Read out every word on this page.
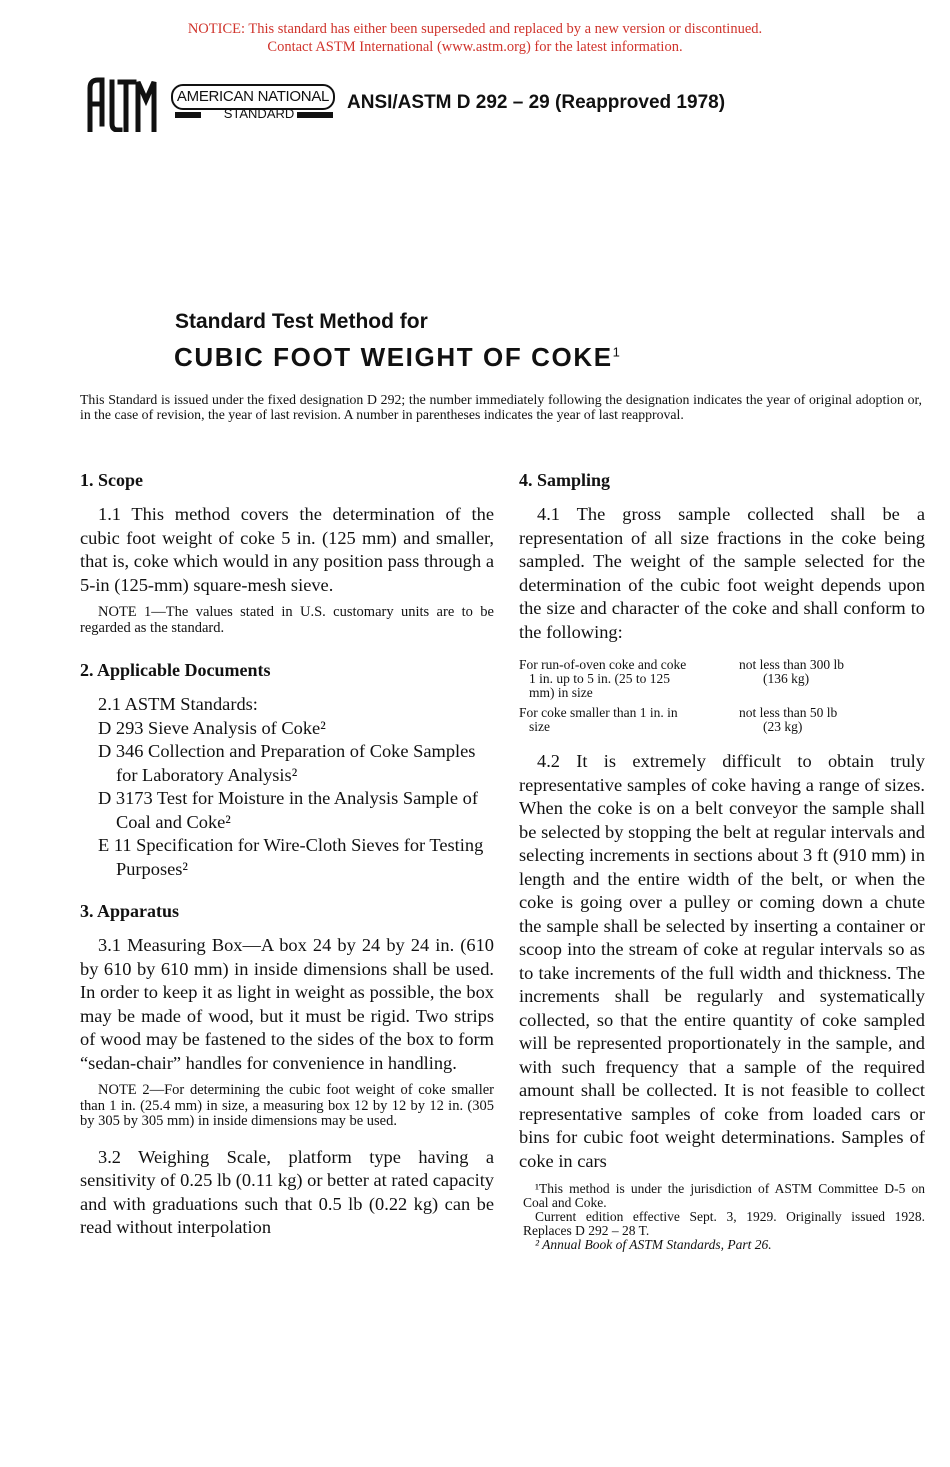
NOTICE: This standard has either been superseded and replaced by a new version or discontinued.
Contact ASTM International (www.astm.org) for the latest information.
AMERICAN NATIONAL
STANDARD
ANSI/ASTM D 292 – 29 (Reapproved 1978)
Standard Test Method for
CUBIC FOOT WEIGHT OF COKE$^1$
This Standard is issued under the fixed designation D 292; the number immediately following the designation indicates the year of original adoption or, in the case of revision, the year of last revision. A number in parentheses indicates the year of last reapproval.
1. Scope

1.1 This method covers the determination of the cubic foot weight of coke 5 in. (125 mm) and smaller, that is, coke which would in any position pass through a 5-in (125-mm) square-mesh sieve.

NOTE 1—The values stated in U.S. customary units are to be regarded as the standard.

2. Applicable Documents
2.1 ASTM Standards:
D 293 Sieve Analysis of Coke²
D 346 Collection and Preparation of Coke Samples for Laboratory Analysis²
D 3173 Test for Moisture in the Analysis Sample of Coal and Coke²
E 11 Specification for Wire-Cloth Sieves for Testing Purposes²
3. Apparatus

3.1 Measuring Box—A box 24 by 24 by 24 in. (610 by 610 by 610 mm) in inside dimensions shall be used. In order to keep it as light in weight as possible, the box may be made of wood, but it must be rigid. Two strips of wood may be fastened to the sides of the box to form “sedan-chair” handles for convenience in handling.

NOTE 2—For determining the cubic foot weight of coke smaller than 1 in. (25.4 mm) in size, a measuring box 12 by 12 by 12 in. (305 by 305 by 305 mm) in inside dimensions may be used.

3.2 Weighing Scale, platform type having a sensitivity of 0.25 lb (0.11 kg) or better at rated capacity and with graduations such that 0.5 lb (0.22 kg) can be read without interpolation

4. Sampling

4.1 The gross sample collected shall be a representation of all size fractions in the coke being sampled. The weight of the sample selected for the determination of the cubic foot weight depends upon the size and character of the coke and shall conform to the following:

For run-of-oven coke and coke
1 in. up to 5 in. (25 to 125
mm) in size	not less than 300 lb
(136 kg)

For coke smaller than 1 in. in
size	not less than 50 lb
(23 kg)

4.2 It is extremely difficult to obtain truly representative samples of coke having a range of sizes. When the coke is on a belt conveyor the sample shall be selected by stopping the belt at regular intervals and selecting increments in sections about 3 ft (910 mm) in length and the entire width of the belt, or when the coke is going over a pulley or coming down a chute the sample shall be selected by inserting a container or scoop into the stream of coke at regular intervals so as to take increments of the full width and thickness. The increments shall be regularly and systematically collected, so that the entire quantity of coke sampled will be represented proportionately in the sample, and with such frequency that a sample of the required amount shall be collected. It is not feasible to collect representative samples of coke from loaded cars or bins for cubic foot weight determinations. Samples of coke in cars

¹This method is under the jurisdiction of ASTM Committee D-5 on Coal and Coke.
Current edition effective Sept. 3, 1929. Originally issued 1928. Replaces D 292 – 28 T.
² Annual Book of ASTM Standards, Part 26.
